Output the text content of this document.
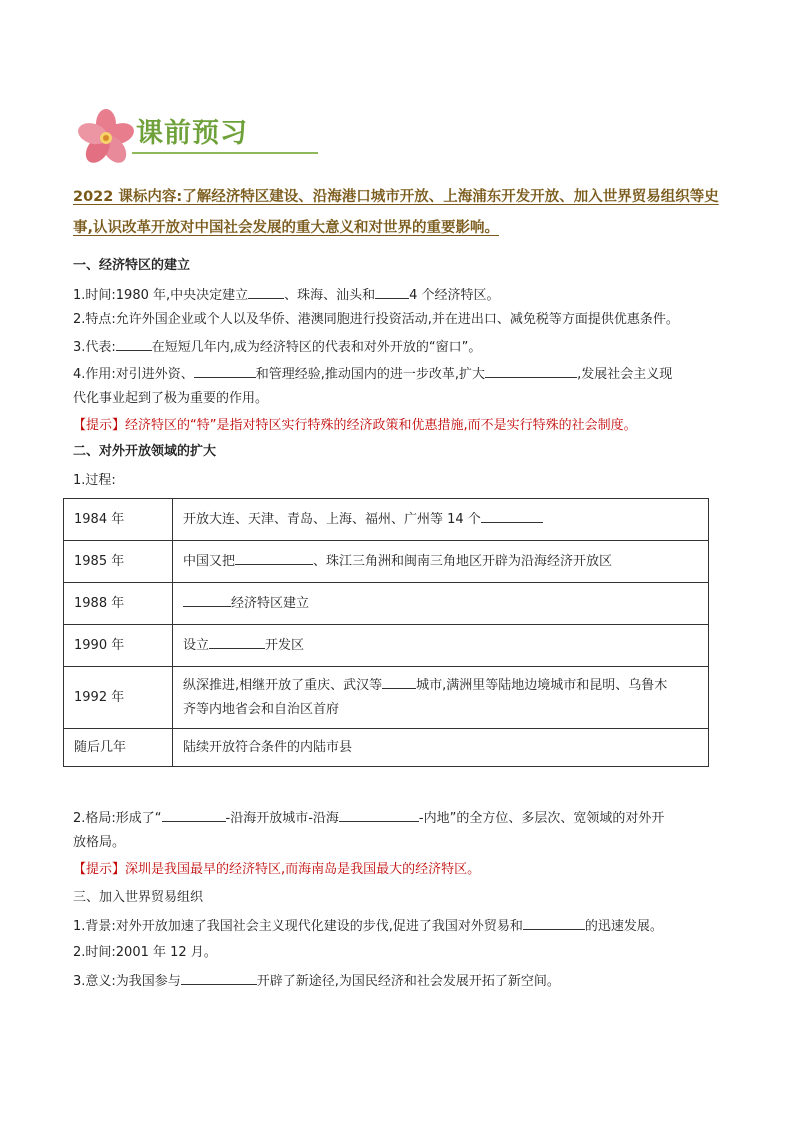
课前预习
2022 课标内容:了解经济特区建设、沿海港口城市开放、上海浦东开发开放、加入世界贸易组织等史事,认识改革开放对中国社会发展的重大意义和对世界的重要影响。
一、经济特区的建立
1.时间:1980 年,中央决定建立	、珠海、汕头和	4 个经济特区。
2.特点:允许外国企业或个人以及华侨、港澳同胞进行投资活动,并在进出口、减免税等方面提供优惠条件。
3.代表:	在短短几年内,成为经济特区的代表和对外开放的“窗口”。
4.作用:对引进外资、	和管理经验,推动国内的进一步改革,扩大	,发展社会主义现
代化事业起到了极为重要的作用。
【提示】经济特区的“特”是指对特区实行特殊的经济政策和优惠措施,而不是实行特殊的社会制度。
二、对外开放领域的扩大
1.过程:
1984 年	开放大连、天津、青岛、上海、福州、广州等 14 个
1985 年	中国又把 、珠江三角洲和闽南三角地区开辟为沿海经济开放区
1988 年	经济特区建立
1990 年	设立 开发区
1992 年	纵深推进,相继开放了重庆、武汉等 城市,满洲里等陆地边境城市和昆明、乌鲁木
齐等内地省会和自治区首府
随后几年	陆续开放符合条件的内陆市县
2.格局:形成了“	-沿海开放城市-沿海	-内地”的全方位、多层次、宽领域的对外开
放格局。
【提示】深圳是我国最早的经济特区,而海南岛是我国最大的经济特区。
三、加入世界贸易组织
1.背景:对外开放加速了我国社会主义现代化建设的步伐,促进了我国对外贸易和	的迅速发展。
2.时间:2001 年 12 月。
3.意义:为我国参与	开辟了新途径,为国民经济和社会发展开拓了新空间。
